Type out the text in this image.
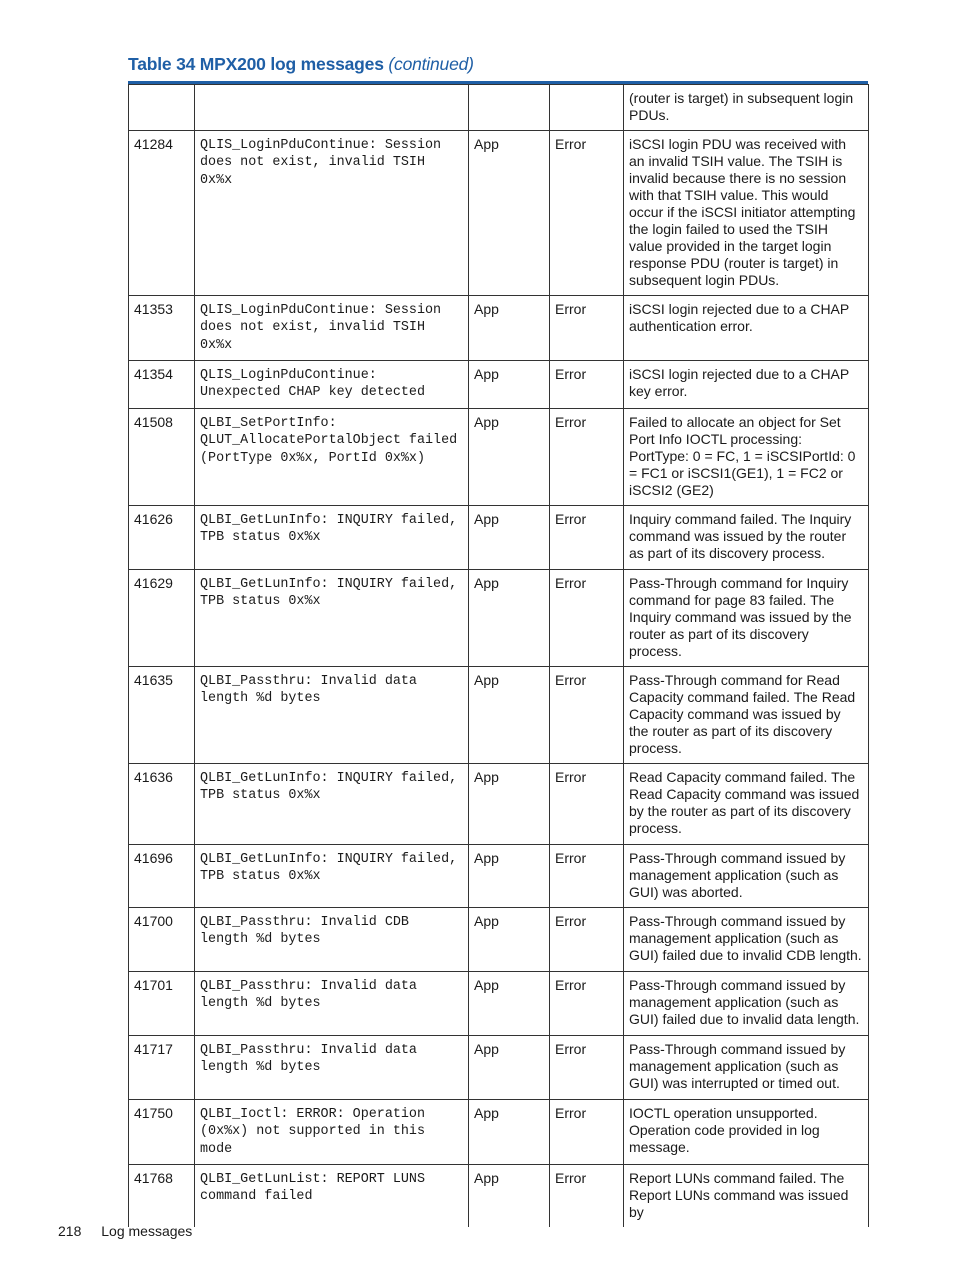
Table 34 MPX200 log messages (continued)
				(router is target) in subsequent login PDUs.
41284	QLIS_LoginPduContinue: Session does not exist, invalid TSIH 0x%x	App	Error	iSCSI login PDU was received with an invalid TSIH value. The TSIH is invalid because there is no session with that TSIH value. This would occur if the iSCSI initiator attempting the login failed to used the TSIH value provided in the target login response PDU (router is target) in subsequent login PDUs.
41353	QLIS_LoginPduContinue: Session does not exist, invalid TSIH 0x%x	App	Error	iSCSI login rejected due to a CHAP authentication error.
41354	QLIS_LoginPduContinue: Unexpected CHAP key detected	App	Error	iSCSI login rejected due to a CHAP key error.
41508	QLBI_SetPortInfo: QLUT_AllocatePortalObject failed (PortType 0x%x, PortId 0x%x)	App	Error	Failed to allocate an object for Set Port Info IOCTL processing: PortType: 0 = FC, 1 = iSCSIPortId: 0 = FC1 or iSCSI1(GE1), 1 = FC2 or iSCSI2 (GE2)
41626	QLBI_GetLunInfo: INQUIRY failed, TPB status 0x%x	App	Error	Inquiry command failed. The Inquiry command was issued by the router as part of its discovery process.
41629	QLBI_GetLunInfo: INQUIRY failed, TPB status 0x%x	App	Error	Pass-Through command for Inquiry command for page 83 failed. The Inquiry command was issued by the router as part of its discovery process.
41635	QLBI_Passthru: Invalid data length %d bytes	App	Error	Pass-Through command for Read Capacity command failed. The Read Capacity command was issued by the router as part of its discovery process.
41636	QLBI_GetLunInfo: INQUIRY failed, TPB status 0x%x	App	Error	Read Capacity command failed. The Read Capacity command was issued by the router as part of its discovery process.
41696	QLBI_GetLunInfo: INQUIRY failed, TPB status 0x%x	App	Error	Pass-Through command issued by management application (such as GUI) was aborted.
41700	QLBI_Passthru: Invalid CDB length %d bytes	App	Error	Pass-Through command issued by management application (such as GUI) failed due to invalid CDB length.
41701	QLBI_Passthru: Invalid data length %d bytes	App	Error	Pass-Through command issued by management application (such as GUI) failed due to invalid data length.
41717	QLBI_Passthru: Invalid data length %d bytes	App	Error	Pass-Through command issued by management application (such as GUI) was interrupted or timed out.
41750	QLBI_Ioctl: ERROR: Operation (0x%x) not supported in this mode	App	Error	IOCTL operation unsupported. Operation code provided in log message.
41768	QLBI_GetLunList: REPORT LUNS command failed	App	Error	Report LUNs command failed. The Report LUNs command was issued by
218 Log messages
